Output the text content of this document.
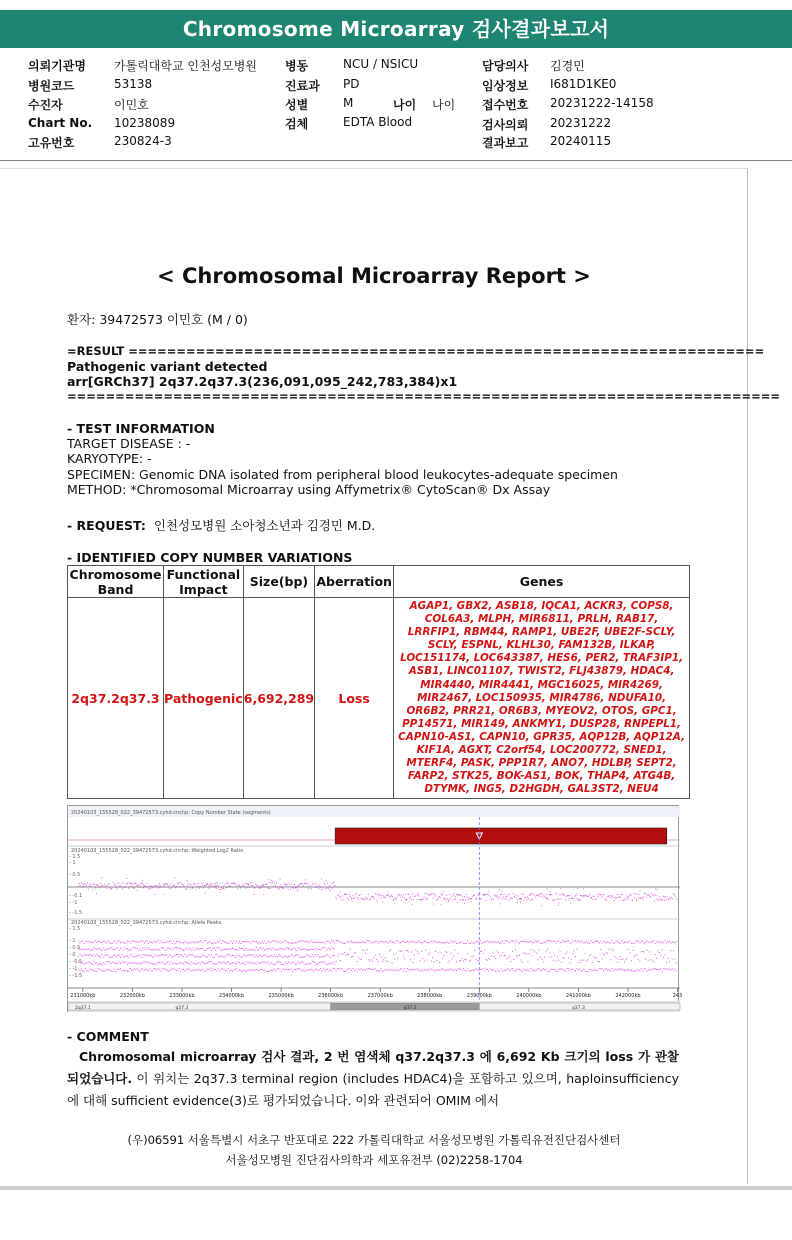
Chromosome Microarray 검사결과보고서
의뢰기관명 가톨릭대학교 인천성모병원
병원코드	53138
수진자	이민호
Chart No. 10238089
고유번호	230824-3
병동	NCU / NSICU
진료과 PD
성별	M	나이 나이
검체	EDTA Blood
담당의사 김경민
임상정보 I681D1KE0
접수번호 20231222-14158
검사의뢰 20231222
결과보고 20240115
< Chromosomal Microarray Report >
환자: 39472573 이민호 (M / 0)
=RESULT ==================================================================
Pathogenic variant detected
arr[GRCh37] 2q37.2q37.3(236,091,095_242,783,384)x1
==========================================================================
- TEST INFORMATION
TARGET DISEASE : -
KARYOTYPE: -
SPECIMEN: Genomic DNA isolated from peripheral blood leukocytes-adequate specimen
METHOD: *Chromosomal Microarray using Affymetrix® CytoScan® Dx Assay
- REQUEST: 인천성모병원 소아청소년과 김경민 M.D.
- IDENTIFIED COPY NUMBER VARIATIONS
Chromosome Band	Functional Impact	Size(bp)	Aberration	Genes
2q37.2q37.3	Pathogenic	6,692,289	Loss	AGAP1, GBX2, ASB18, IQCA1, ACKR3, COPS8, COL6A3, MLPH, MIR6811, PRLH, RAB17, LRRFIP1, RBM44, RAMP1, UBE2F, UBE2F-SCLY, SCLY, ESPNL, KLHL30, FAM132B, ILKAP, LOC151174, LOC643387, HES6, PER2, TRAF3IP1, ASB1, LINC01107, TWIST2, FLJ43879, HDAC4, MIR4440, MIR4441, MGC16025, MIR4269, MIR2467, LOC150935, MIR4786, NDUFA10, OR6B2, PRR21, OR6B3, MYEOV2, OTOS, GPC1, PP14571, MIR149, ANKMY1, DUSP28, RNPEPL1, CAPN10-AS1, CAPN10, GPR35, AQP12B, AQP12A, KIF1A, AGXT, C2orf54, LOC200772, SNED1, MTERF4, PASK, PPP1R7, ANO7, HDLBP, SEPT2, FARP2, STK25, BOK-AS1, BOK, THAP4, ATG4B, DTYMK, ING5, D2HGDH, GAL3ST2, NEU4
20240103_155528_022_39472573.cyhd.cnchp: Copy Number State (segments)
20240103_155528_022_39472573.cyhd.cnchp: Weighted Log2 Ratio
20240103_155528_022_39472573.cyhd.cnchp: Allele Peaks
- 1.5
- 1
- 0.5
- -0.1
- -1
- -1.5
- 1.5
- 1
- 0.5
- 0
- -0.5
- -1
- -1.5
231000kb	232000kb	233000kb	234000kb	235000kb	236000kb	237000kb	238000kb	239000kb	240000kb	241000kb	242000kb	243
2q37.1	q37.3	q37.2	q37.3
- COMMENT
Chromosomal microarray 검사 결과, 2 번 염색체 q37.2q37.3 에 6,692 Kb 크기의 loss 가 관찰되었습니다. 이 위치는 2q37.3 terminal region (includes HDAC4)을 포함하고 있으며, haploinsufficiency 에 대해 sufficient evidence(3)로 평가되었습니다. 이와 관련되어 OMIM 에서
(우)06591 서울특별시 서초구 반포대로 222 가톨릭대학교 서울성모병원 가톨릭유전진단검사센터
서울성모병원 진단검사의학과 세포유전부 (02)2258-1704
